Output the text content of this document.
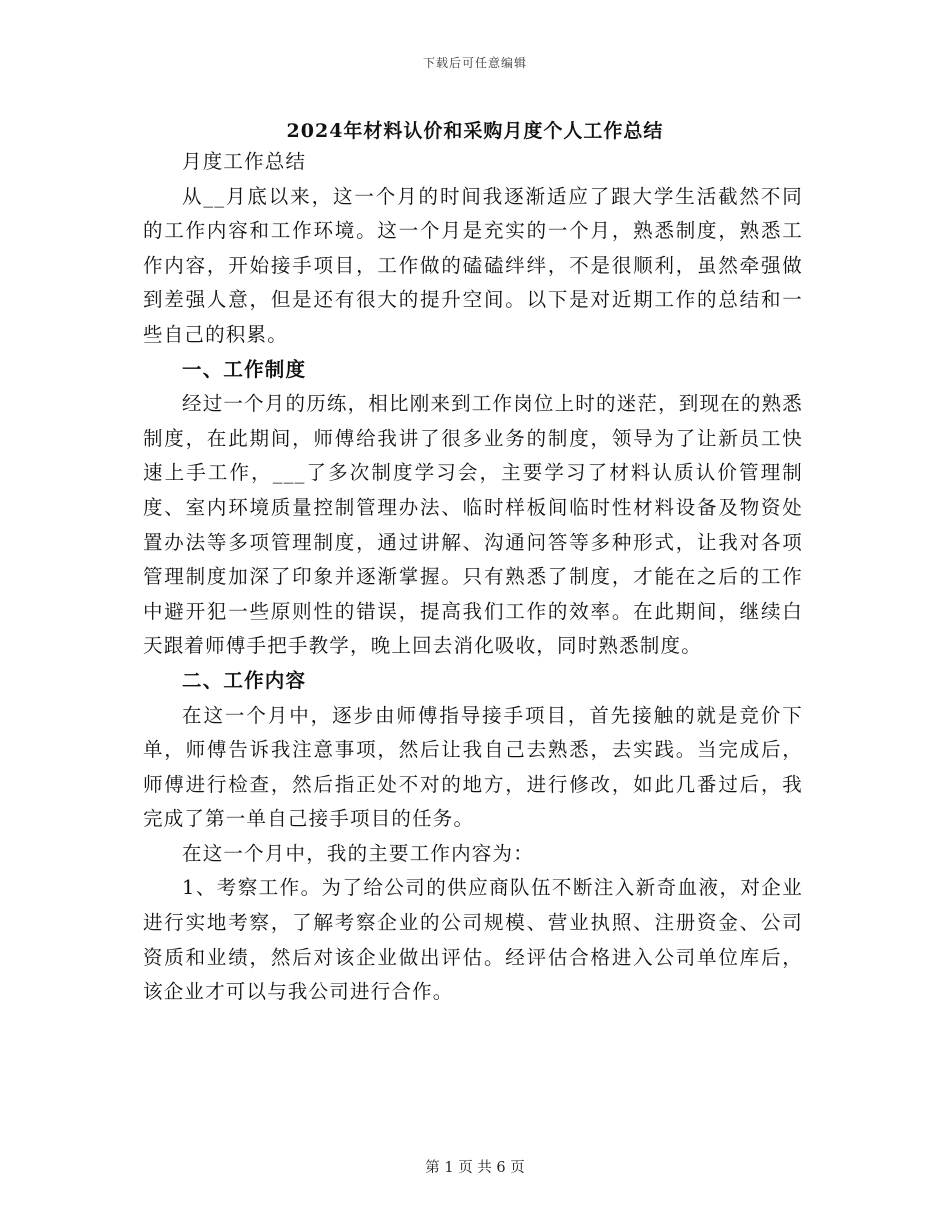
下载后可任意编辑
2024年材料认价和采购月度个人工作总结

月度工作总结

从__月底以来，这一个月的时间我逐渐适应了跟大学生活截然不同的工作内容和工作环境。这一个月是充实的一个月，熟悉制度，熟悉工作内容，开始接手项目，工作做的磕磕绊绊，不是很顺利，虽然牵强做到差强人意，但是还有很大的提升空间。以下是对近期工作的总结和一些自己的积累。

一、工作制度

经过一个月的历练，相比刚来到工作岗位上时的迷茫，到现在的熟悉制度，在此期间，师傅给我讲了很多业务的制度，领导为了让新员工快速上手工作，___了多次制度学习会，主要学习了材料认质认价管理制度、室内环境质量控制管理办法、临时样板间临时性材料设备及物资处置办法等多项管理制度，通过讲解、沟通问答等多种形式，让我对各项管理制度加深了印象并逐渐掌握。只有熟悉了制度，才能在之后的工作中避开犯一些原则性的错误，提高我们工作的效率。在此期间，继续白天跟着师傅手把手教学，晚上回去消化吸收，同时熟悉制度。

二、工作内容

在这一个月中，逐步由师傅指导接手项目，首先接触的就是竞价下单，师傅告诉我注意事项，然后让我自己去熟悉，去实践。当完成后，师傅进行检查，然后指正处不对的地方，进行修改，如此几番过后，我完成了第一单自己接手项目的任务。

在这一个月中，我的主要工作内容为：

1、考察工作。为了给公司的供应商队伍不断注入新奇血液，对企业进行实地考察，了解考察企业的公司规模、营业执照、注册资金、公司资质和业绩，然后对该企业做出评估。经评估合格进入公司单位库后，该企业才可以与我公司进行合作。

第 1 页 共 6 页
